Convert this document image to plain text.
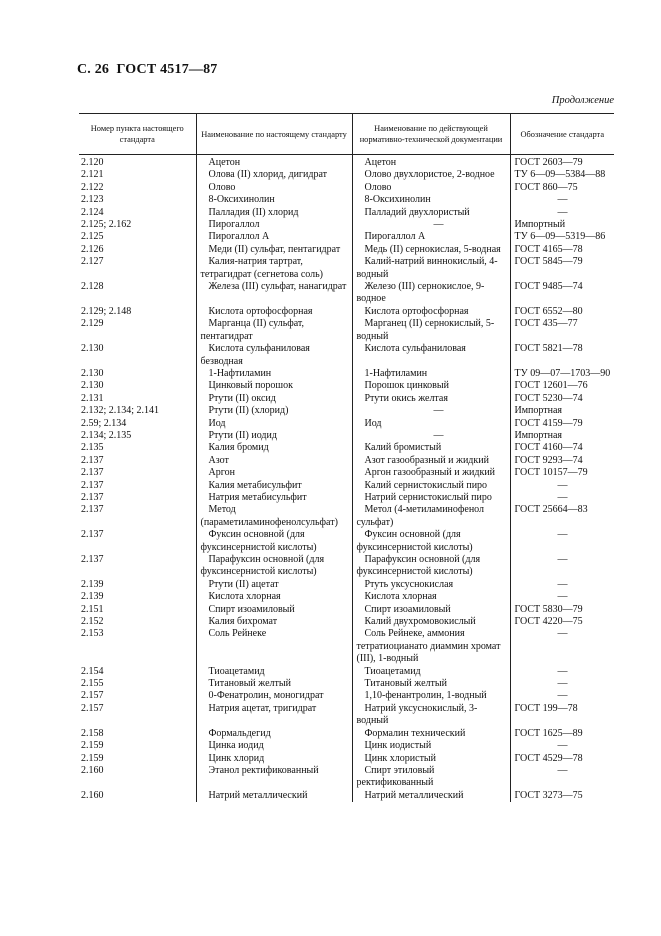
С. 26 ГОСТ 4517—87
Продолжение
Номер пункта настоящего стандарта	Наименование по настоящему стандарту	Наименование по действующей нормативно-технической документации	Обозначение стандарта
2.120	Ацетон	Ацетон	ГОСТ 2603—79
2.121	Олова (II) хлорид, дигидрат	Олово двухлористое, 2-водное	ТУ 6—09—5384—88
2.122	Олово	Олово	ГОСТ 860—75
2.123	8-Оксихинолин	8-Оксихинолин	—
2.124	Палладия (II) хлорид	Палладий двухлористый	—
2.125; 2.162	Пирогаллол	—	Импортный
2.125	Пирогаллол А	Пирогаллол А	ТУ 6—09—5319—86
2.126	Меди (II) сульфат, пентагидрат	Медь (II) сернокислая, 5-водная	ГОСТ 4165—78
2.127	Калия-натрия тартрат, тетрагидрат (сегнетова соль)	Калий-натрий виннокислый, 4-водный	ГОСТ 5845—79
2.128	Железа (III) сульфат, нанагидрат	Железо (III) сернокислое, 9-водное	ГОСТ 9485—74
2.129; 2.148	Кислота ортофосфорная	Кислота ортофосфорная	ГОСТ 6552—80
2.129	Марганца (II) сульфат, пентагидрат	Марганец (II) сернокислый, 5-водный	ГОСТ 435—77
2.130	Кислота сульфаниловая безводная	Кислота сульфаниловая	ГОСТ 5821—78
2.130	1-Нафтиламин	1-Нафтиламин	ТУ 09—07—1703—90
2.130	Цинковый порошок	Порошок цинковый	ГОСТ 12601—76
2.131	Ртути (II) оксид	Ртути окись желтая	ГОСТ 5230—74
2.132; 2.134; 2.141	Ртути (II) (хлорид)	—	Импортная
2.59; 2.134	Иод	Иод	ГОСТ 4159—79
2.134; 2.135	Ртути (II) иодид	—	Импортная
2.135	Калия бромид	Калий бромистый	ГОСТ 4160—74
2.137	Азот	Азот газообразный и жидкий	ГОСТ 9293—74
2.137	Аргон	Аргон газообразный и жидкий	ГОСТ 10157—79
2.137	Калия метабисульфит	Калий сернистокислый пиро	—
2.137	Натрия метабисульфит	Натрий сернистокислый пиро	—
2.137	Метод (параметиламинофенолсульфат)	Метол (4-метиламинофенол сульфат)	ГОСТ 25664—83
2.137	Фуксин основной (для фуксинсернистой кислоты)	Фуксин основной (для фуксинсернистой кислоты)	—
2.137	Парафуксин основной (для фуксинсернистой кислоты)	Парафуксин основной (для фуксинсернистой кислоты)	—
2.139	Ртути (II) ацетат	Ртуть уксуснокислая	—
2.139	Кислота хлорная	Кислота хлорная	—
2.151	Спирт изоамиловый	Спирт изоамиловый	ГОСТ 5830—79
2.152	Калия бихромат	Калий двухромовокислый	ГОСТ 4220—75
2.153	Соль Рейнеке	Соль Рейнеке, аммония тетратиоцианато диаммин хромат (III), 1-водный	—
2.154	Тиоацетамид	Тиоацетамид	—
2.155	Титановый желтый	Титановый желтый	—
2.157	0-Фенатролин, моногидрат	1,10-фенантролин, 1-водный	—
2.157	Натрия ацетат, тригидрат	Натрий уксуснокислый, 3-водный	ГОСТ 199—78
2.158	Формальдегид	Формалин технический	ГОСТ 1625—89
2.159	Цинка иодид	Цинк иодистый	—
2.159	Цинк хлорид	Цинк хлористый	ГОСТ 4529—78
2.160	Этанол ректификованный	Спирт этиловый ректификованный	—
2.160	Натрий металлический	Натрий металлический	ГОСТ 3273—75
